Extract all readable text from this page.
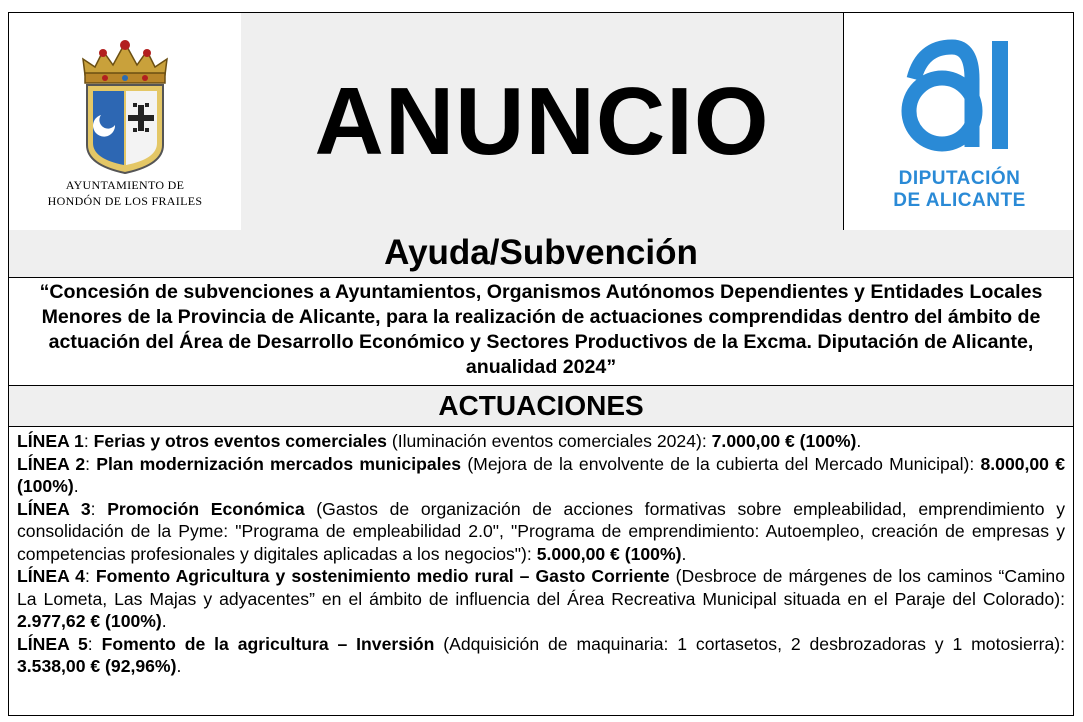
AYUNTAMIENTO DE
HONDÓN DE LOS FRAILES
ANUNCIO
DIPUTACIÓN
DE ALICANTE
Ayuda/Subvención
“Concesión de subvenciones a Ayuntamientos, Organismos Autónomos Dependientes y Entidades Locales Menores de la Provincia de Alicante, para la realización de actuaciones comprendidas dentro del ámbito de actuación del Área de Desarrollo Económico y Sectores Productivos de la Excma. Diputación de Alicante, anualidad 2024”
ACTUACIONES

LÍNEA 1: Ferias y otros eventos comerciales (Iluminación eventos comerciales 2024): 7.000,00 € (100%).

LÍNEA 2: Plan modernización mercados municipales (Mejora de la envolvente de la cubierta del Mercado Municipal): 8.000,00 € (100%).

LÍNEA 3: Promoción Económica (Gastos de organización de acciones formativas sobre empleabilidad, emprendimiento y consolidación de la Pyme: "Programa de empleabilidad 2.0", "Programa de emprendimiento: Autoempleo, creación de empresas y competencias profesionales y digitales aplicadas a los negocios"): 5.000,00 € (100%).

LÍNEA 4: Fomento Agricultura y sostenimiento medio rural – Gasto Corriente (Desbroce de márgenes de los caminos “Camino La Lometa, Las Majas y adyacentes” en el ámbito de influencia del Área Recreativa Municipal situada en el Paraje del Colorado): 2.977,62 € (100%).

LÍNEA 5: Fomento de la agricultura – Inversión (Adquisición de maquinaria: 1 cortasetos, 2 desbrozadoras y 1 motosierra): 3.538,00 € (92,96%).
